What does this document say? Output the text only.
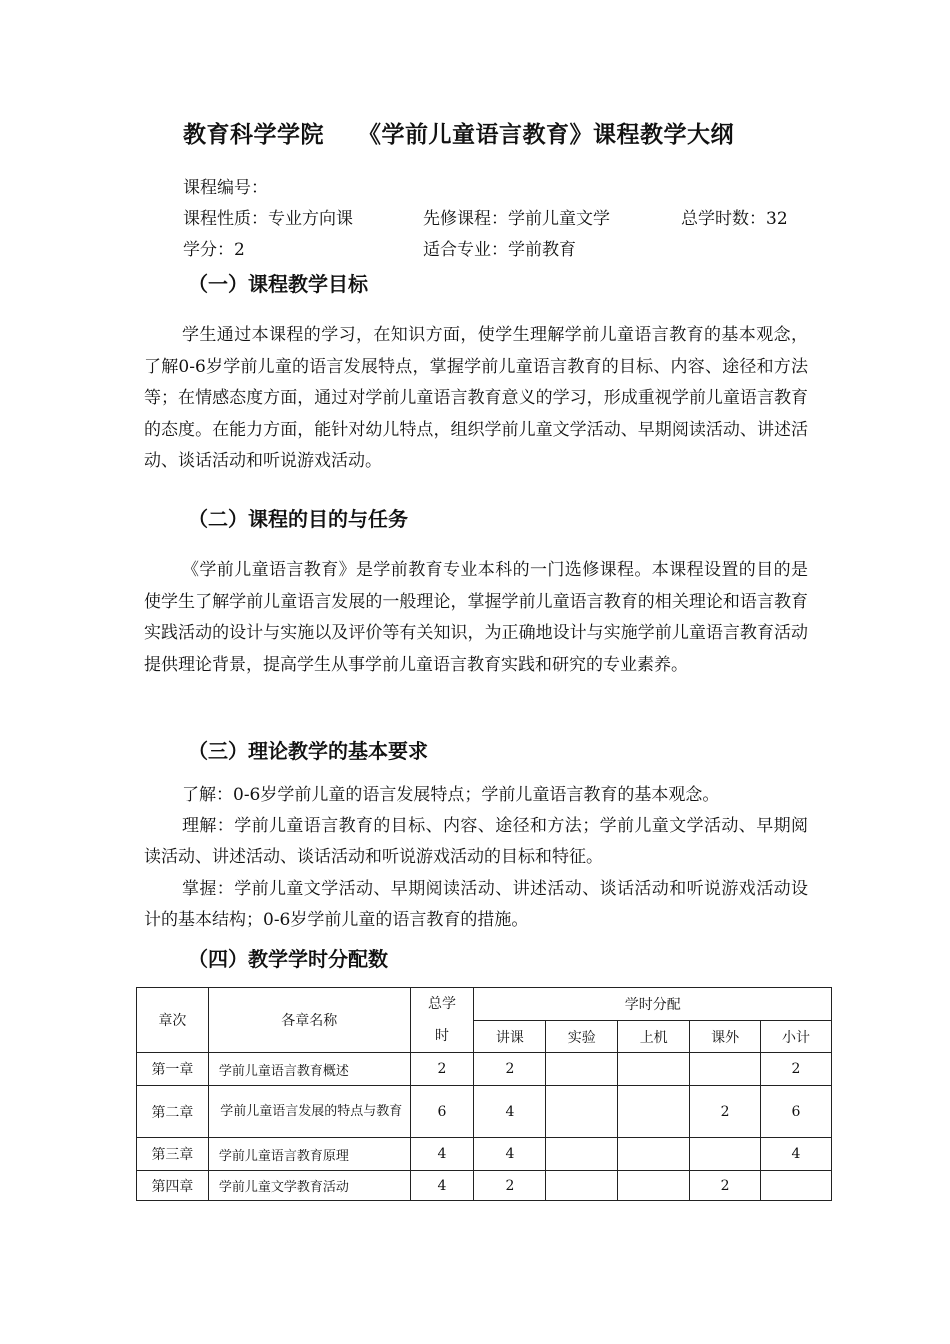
教育科学学院 《学前儿童语言教育》课程教学大纲
课程编号：
课程性质：专业方向课	先修课程：学前儿童文学	总学时数：32
学分：2	适合专业：学前教育
（一）课程教学目标

学生通过本课程的学习，在知识方面，使学生理解学前儿童语言教育的基本观念，了解0-6岁学前儿童的语言发展特点，掌握学前儿童语言教育的目标、内容、途径和方法等；在情感态度方面，通过对学前儿童语言教育意义的学习，形成重视学前儿童语言教育的态度。在能力方面，能针对幼儿特点，组织学前儿童文学活动、早期阅读活动、讲述活动、谈话活动和听说游戏活动。

（二）课程的目的与任务

《学前儿童语言教育》是学前教育专业本科的一门选修课程。本课程设置的目的是使学生了解学前儿童语言发展的一般理论，掌握学前儿童语言教育的相关理论和语言教育实践活动的设计与实施以及评价等有关知识，为正确地设计与实施学前儿童语言教育活动提供理论背景，提高学生从事学前儿童语言教育实践和研究的专业素养。

（三）理论教学的基本要求

了解：0-6岁学前儿童的语言发展特点；学前儿童语言教育的基本观念。

理解：学前儿童语言教育的目标、内容、途径和方法；学前儿童文学活动、早期阅读活动、讲述活动、谈话活动和听说游戏活动的目标和特征。

掌握：学前儿童文学活动、早期阅读活动、讲述活动、谈话活动和听说游戏活动设计的基本结构；0-6岁学前儿童的语言教育的措施。

（四）教学学时分配数
章次	各章名称	总学
时	学时分配				
			讲课	实验	上机	课外	小计
第一章	学前儿童语言教育概述	2	2				2
第二章	学前儿童语言发展的特点与教育	6	4			2	6
第三章	学前儿童语言教育原理	4	4				4
第四章	学前儿童文学教育活动	4	2			2	
